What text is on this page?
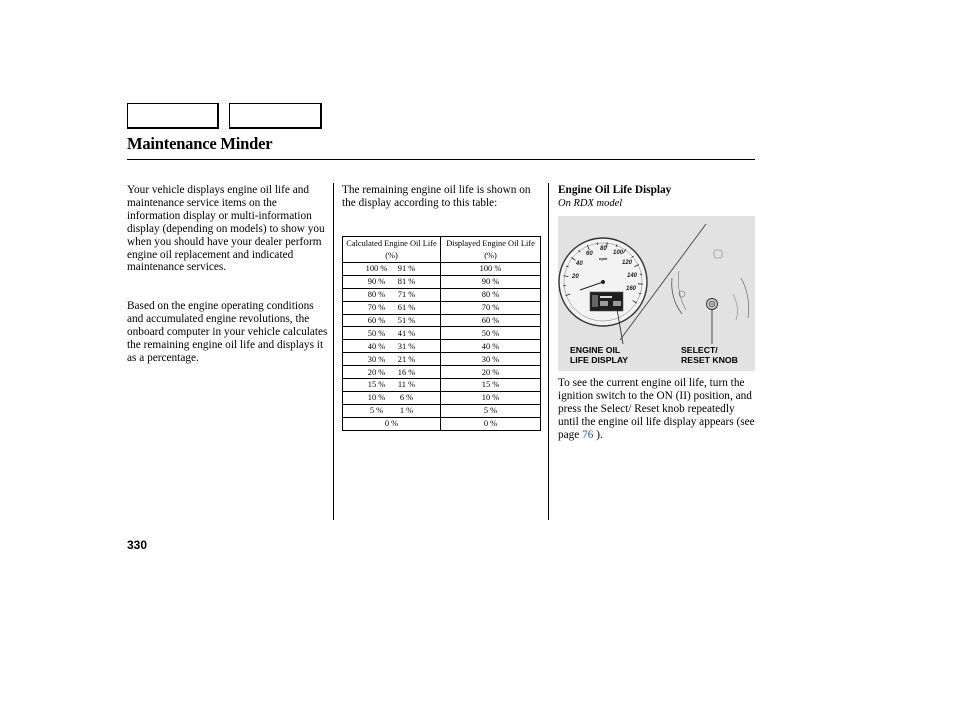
Maintenance Minder

Your vehicle displays engine oil life and maintenance service items on the information display or multi-information display (depending on models) to show you when you should have your dealer perform engine oil replacement and indicated maintenance services.

Based on the engine operating conditions and accumulated engine revolutions, the onboard computer in your vehicle calculates the remaining engine oil life and displays it as a percentage.

The remaining engine oil life is shown on the display according to this table:

Calculated Engine Oil Life (%)	Displayed Engine Oil Life (%)
100 % 91 %	100 %
90 % 81 %	90 %
80 % 71 %	80 %
70 % 61 %	70 %
60 % 51 %	60 %
50 % 41 %	50 %
40 % 31 %	40 %
30 % 21 %	30 %
20 % 16 %	20 %
15 % 11 %	15 %
10 % 6 %	10 %
5 % 1 %	5 %
0 %	0 %
Engine Oil Life Display
On RDX model
20
40
60
80
100
120
140
160
mph
ENGINE OIL
LIFE DISPLAY
SELECT/
RESET KNOB

To see the current engine oil life, turn the ignition switch to the ON (II) position, and press the Select/ Reset knob repeatedly until the engine oil life display appears (see page 76 ).

330
